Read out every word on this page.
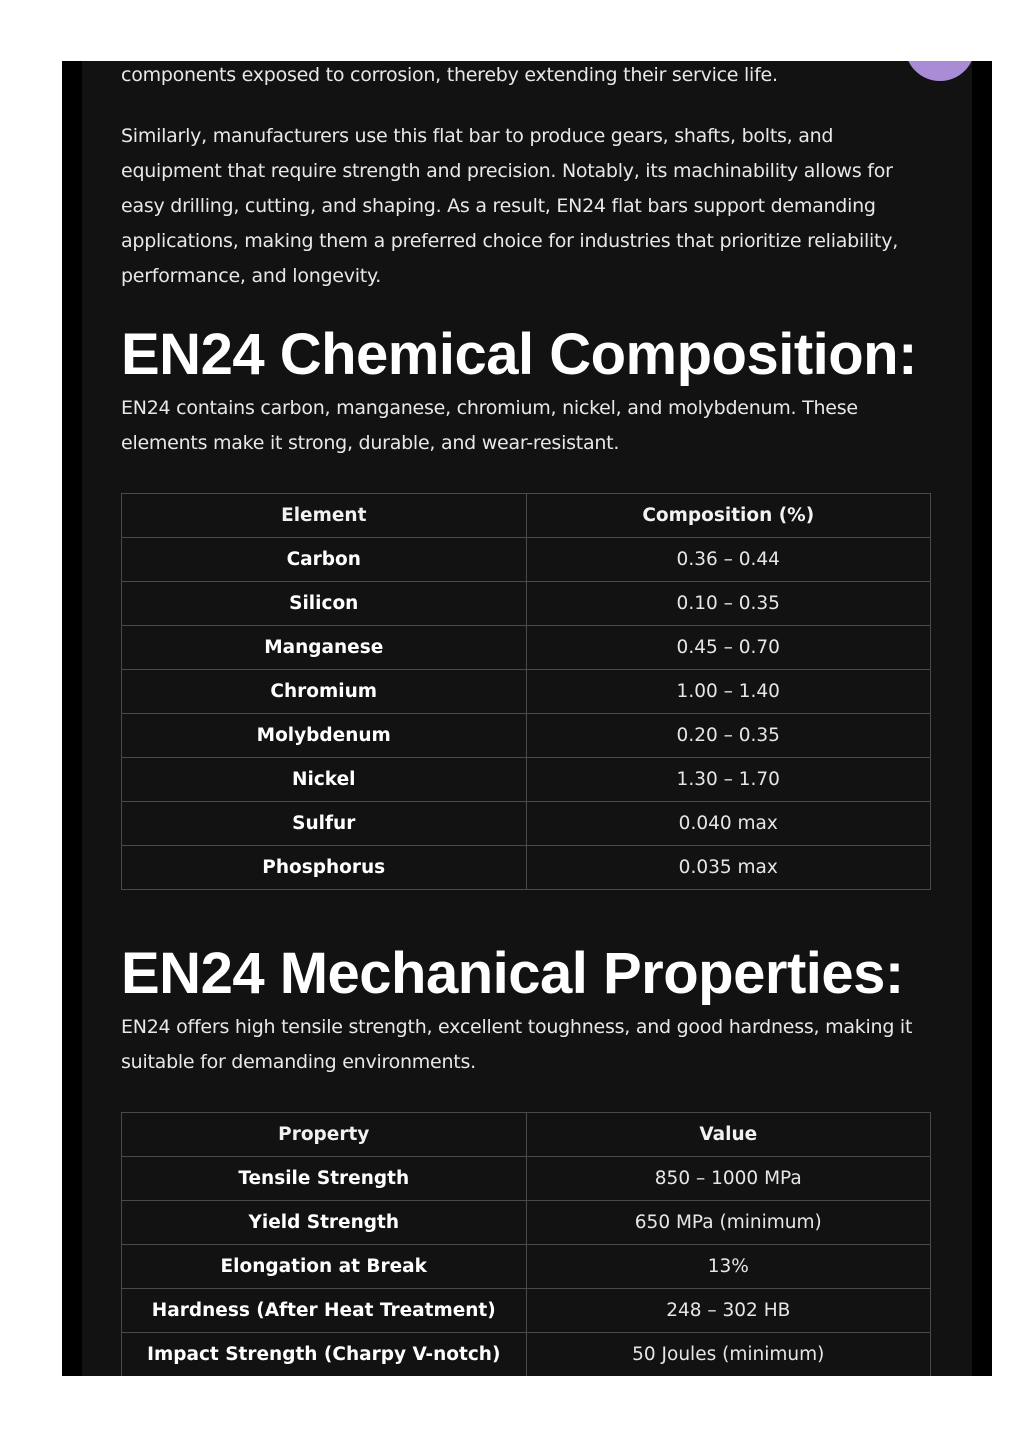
components exposed to corrosion, thereby extending their service life.

Similarly, manufacturers use this flat bar to produce gears, shafts, bolts, and equipment that require strength and precision. Notably, its machinability allows for easy drilling, cutting, and shaping. As a result, EN24 flat bars support demanding applications, making them a preferred choice for industries that prioritize reliability, performance, and longevity.

EN24 Chemical Composition:

EN24 contains carbon, manganese, chromium, nickel, and molybdenum. These elements make it strong, durable, and wear-resistant.

Element	Composition (%)
Carbon	0.36 – 0.44
Silicon	0.10 – 0.35
Manganese	0.45 – 0.70
Chromium	1.00 – 1.40
Molybdenum	0.20 – 0.35
Nickel	1.30 – 1.70
Sulfur	0.040 max
Phosphorus	0.035 max
EN24 Mechanical Properties:

EN24 offers high tensile strength, excellent toughness, and good hardness, making it suitable for demanding environments.

Property	Value
Tensile Strength	850 – 1000 MPa
Yield Strength	650 MPa (minimum)
Elongation at Break	13%
Hardness (After Heat Treatment)	248 – 302 HB
Impact Strength (Charpy V-notch)	50 Joules (minimum)
